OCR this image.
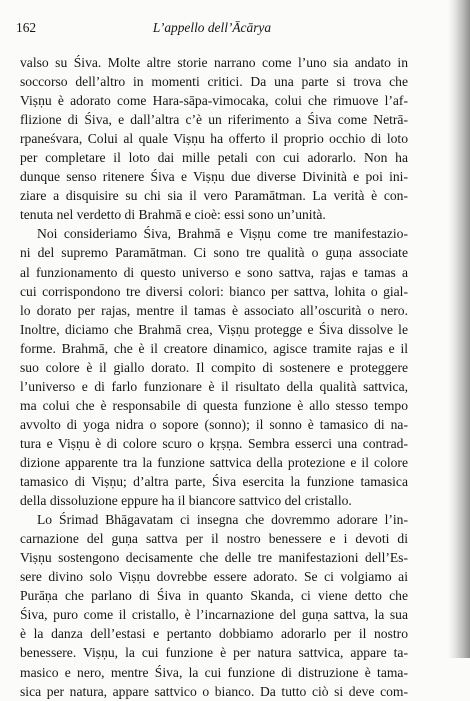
162	L’appello dell’Ācārya
valso su Śiva. Molte altre storie narrano come l’uno sia andato in
soccorso dell’altro in momenti critici. Da una parte si trova che
Viṣṇu è adorato come Hara-sāpa-vimocaka, colui che rimuove l’af-
flizione di Śiva, e dall’altra c’è un riferimento a Śiva come Netrā-
rpaneśvara, Colui al quale Viṣṇu ha offerto il proprio occhio di loto
per completare il loto dai mille petali con cui adorarlo. Non ha
dunque senso ritenere Śiva e Viṣṇu due diverse Divinità e poi ini-
ziare a disquisire su chi sia il vero Paramātman. La verità è con-
tenuta nel verdetto di Brahmā e cioè: essi sono un’unità.
Noi consideriamo Śiva, Brahmā e Viṣṇu come tre manifestazio-
ni del supremo Paramātman. Ci sono tre qualità o guṇa associate
al funzionamento di questo universo e sono sattva, rajas e tamas a
cui corrispondono tre diversi colori: bianco per sattva, lohita o gial-
lo dorato per rajas, mentre il tamas è associato all’oscurità o nero.
Inoltre, diciamo che Brahmā crea, Viṣṇu protegge e Śiva dissolve le
forme. Brahmā, che è il creatore dinamico, agisce tramite rajas e il
suo colore è il giallo dorato. Il compito di sostenere e proteggere
l’universo e di farlo funzionare è il risultato della qualità sattvica,
ma colui che è responsabile di questa funzione è allo stesso tempo
avvolto di yoga nidra o sopore (sonno); il sonno è tamasico di na-
tura e Viṣṇu è di colore scuro o kṛṣṇa. Sembra esserci una contrad-
dizione apparente tra la funzione sattvica della protezione e il colore
tamasico di Viṣṇu; d’altra parte, Śiva esercita la funzione tamasica
della dissoluzione eppure ha il biancore sattvico del cristallo.
Lo Śrimad Bhāgavatam ci insegna che dovremmo adorare l’in-
carnazione del guṇa sattva per il nostro benessere e i devoti di
Viṣṇu sostengono decisamente che delle tre manifestazioni dell’Es-
sere divino solo Viṣṇu dovrebbe essere adorato. Se ci volgiamo ai
Purāṇa che parlano di Śiva in quanto Skanda, ci viene detto che
Śiva, puro come il cristallo, è l’incarnazione del guṇa sattva, la sua
è la danza dell’estasi e pertanto dobbiamo adorarlo per il nostro
benessere. Viṣṇu, la cui funzione è per natura sattvica, appare ta-
masico e nero, mentre Śiva, la cui funzione di distruzione è tama-
sica per natura, appare sattvico o bianco. Da tutto ciò si deve com-
